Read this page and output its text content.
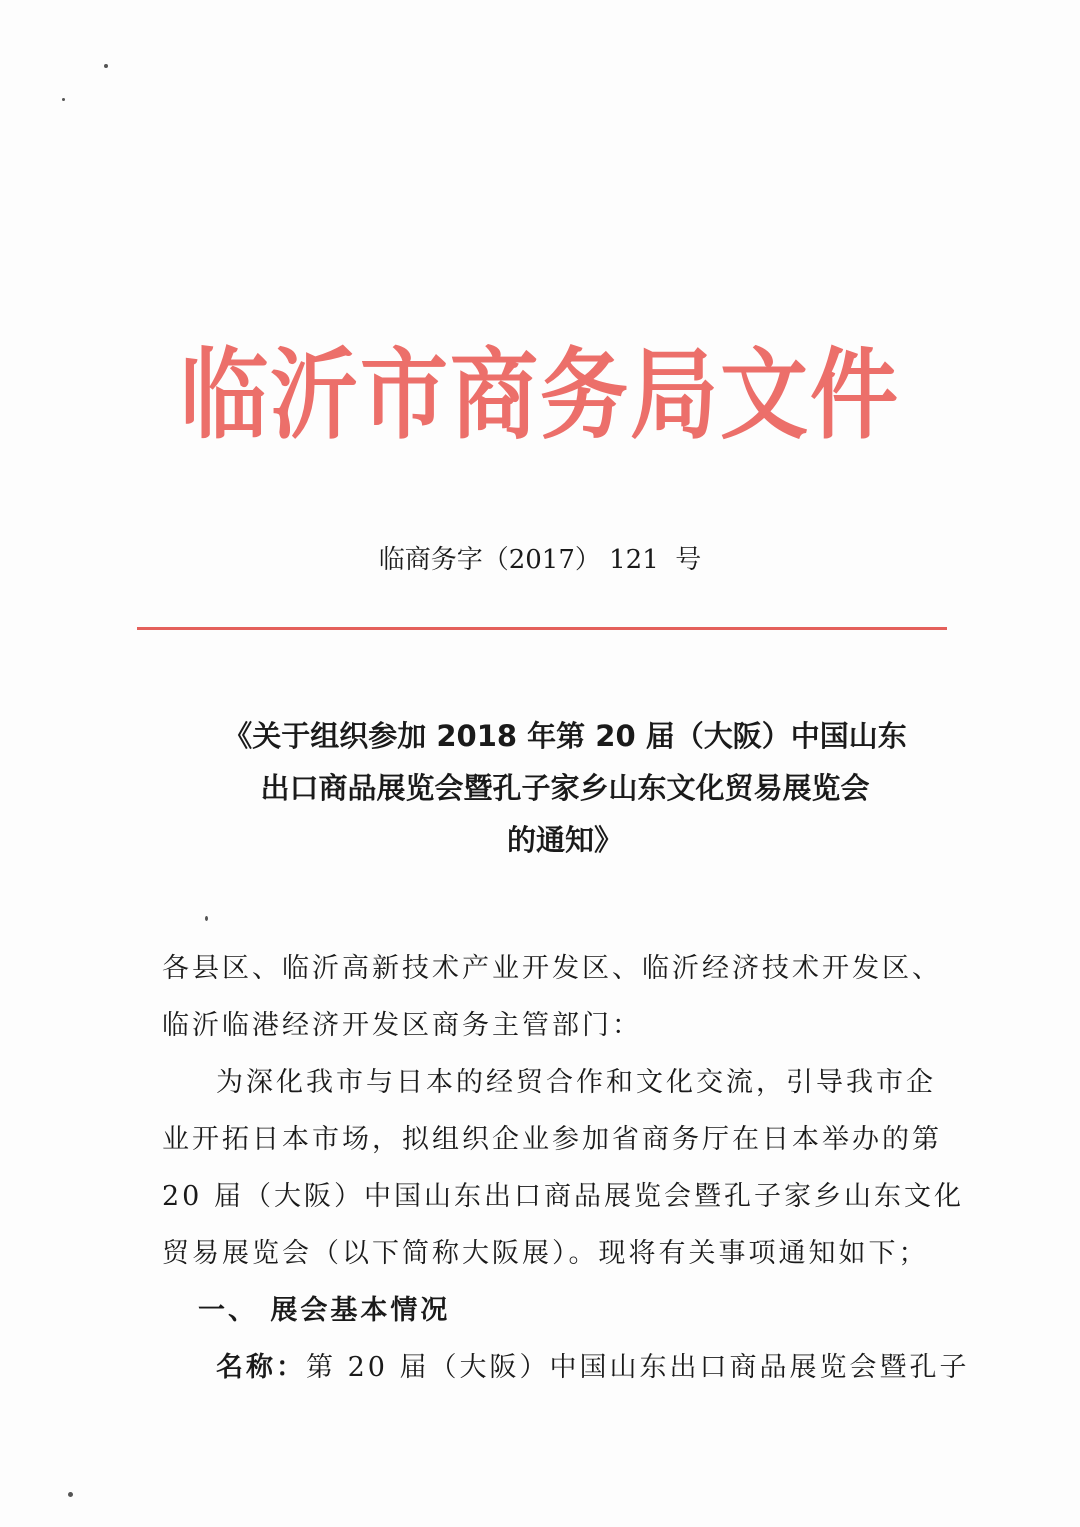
临沂市商务局文件
临商务字（2017） 121  号
《关于组织参加 2018 年第 20 届（大阪）中国山东
出口商品展览会暨孔子家乡山东文化贸易展览会
的通知》
各县区、临沂高新技术产业开发区、临沂经济技术开发区、
临沂临港经济开发区商务主管部门：
为深化我市与日本的经贸合作和文化交流，引导我市企
业开拓日本市场，拟组织企业参加省商务厅在日本举办的第
20 届（大阪）中国山东出口商品展览会暨孔子家乡山东文化
贸易展览会（以下简称大阪展）。现将有关事项通知如下；
一、 展会基本情况
名称：第 20 届（大阪）中国山东出口商品展览会暨孔子
